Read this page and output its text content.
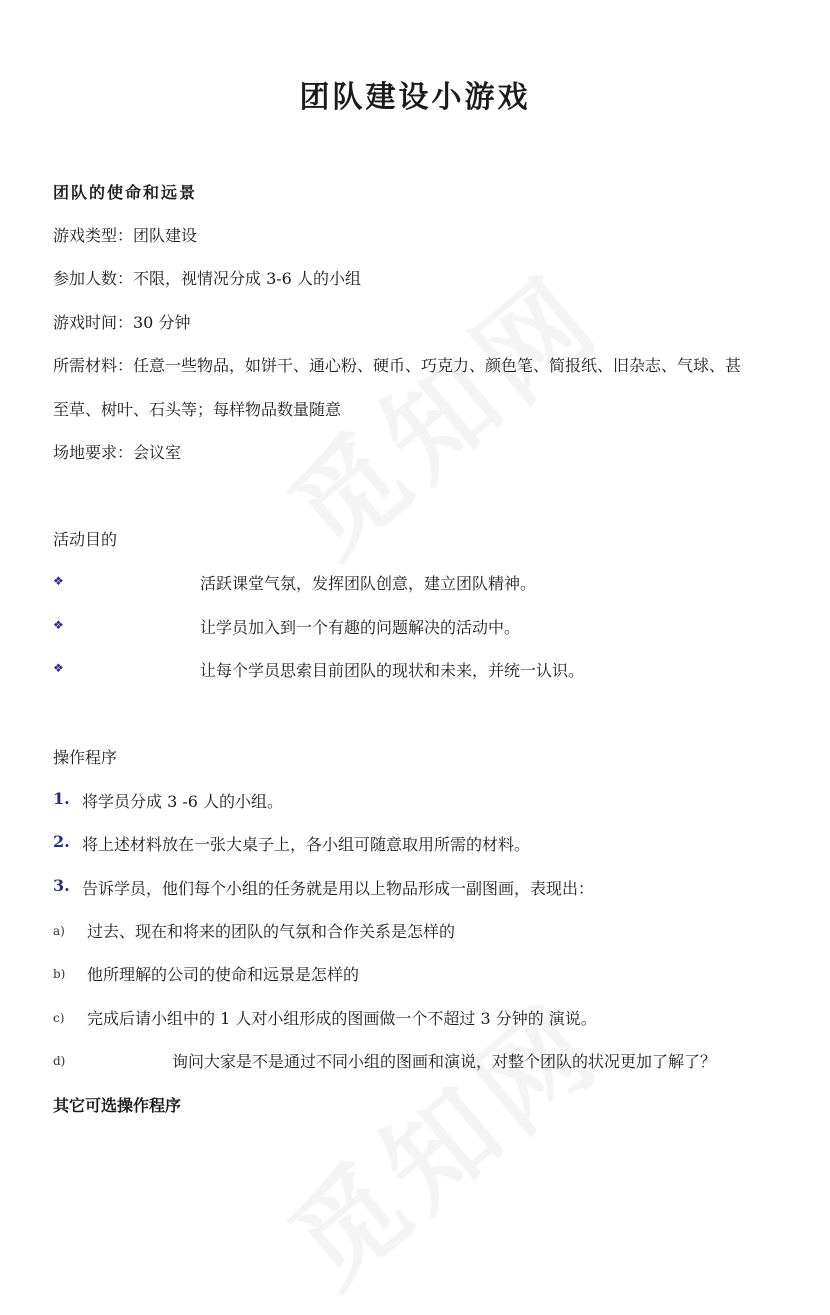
团队建设小游戏
团队的使命和远景
游戏类型：团队建设
参加人数：不限，视情况分成 3-6 人的小组
游戏时间：30 分钟
所需材料：任意一些物品，如饼干、通心粉、硬币、巧克力、颜色笔、简报纸、旧杂志、气球、甚
至草、树叶、石头等；每样物品数量随意
场地要求：会议室
活动目的
❖	活跃课堂气氛，发挥团队创意，建立团队精神。
❖	让学员加入到一个有趣的问题解决的活动中。
❖	让每个学员思索目前团队的现状和未来，并统一认识。
操作程序
1. 将学员分成 3 -6 人的小组。
2. 将上述材料放在一张大桌子上，各小组可随意取用所需的材料。
3. 告诉学员，他们每个小组的任务就是用以上物品形成一副图画，表现出：
a) 过去、现在和将来的团队的气氛和合作关系是怎样的
b) 他所理解的公司的使命和远景是怎样的
c) 完成后请小组中的 1 人对小组形成的图画做一个不超过 3 分钟的 演说。
d)	询问大家是不是通过不同小组的图画和演说，对整个团队的状况更加了解了？
其它可选操作程序
